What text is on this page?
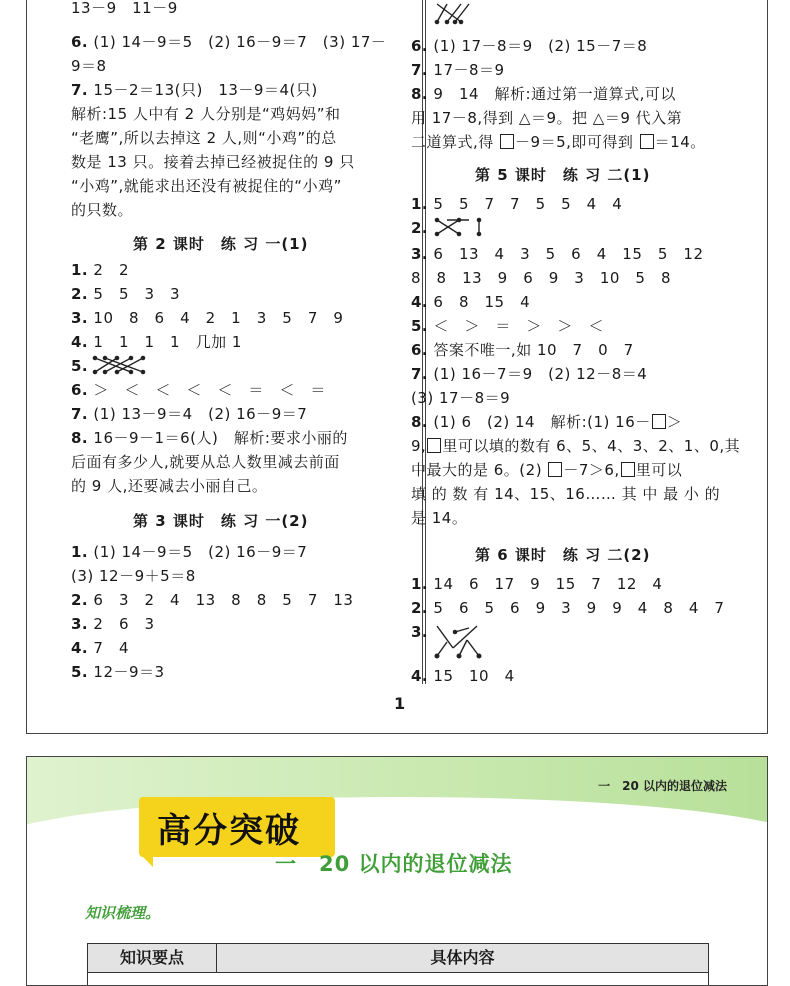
13－9　11－9
6. (1) 14－9＝5　(2) 16－9＝7　(3) 17－
9＝8
7. 15－2＝13(只)　13－9＝4(只)
解析:15 人中有 2 人分别是“鸡妈妈”和
“老鹰”,所以去掉这 2 人,则“小鸡”的总
数是 13 只。接着去掉已经被捉住的 9 只
“小鸡”,就能求出还没有被捉住的“小鸡”
的只数。
第 2 课时　练 习 一(1)
1. 2　2
2. 5　5　3　3
3. 10　8　6　4　2　1　3　5　7　9
4. 1　1　1　1　几加 1
5.
6. ＞　＜　＜　＜　＜　＝　＜　＝
7. (1) 13－9＝4　(2) 16－9＝7
8. 16－9－1＝6(人)　解析:要求小丽的
后面有多少人,就要从总人数里减去前面
的 9 人,还要减去小丽自己。
第 3 课时　练 习 一(2)
1. (1) 14－9＝5　(2) 16－9＝7
(3) 12－9＋5＝8
2. 6　3　2　4　13　8　8　5　7　13
3. 2　6　3
4. 7　4
5. 12－9＝3
6. (1) 17－8＝9　(2) 15－7＝8
7. 17－8＝9
8. 9　14　解析:通过第一道算式,可以
用 17－8,得到 △＝9。把 △＝9 代入第
二道算式,得 －9＝5,即可得到 ＝14。
第 5 课时　练 习 二(1)
1. 5　5　7　7　5　5　4　4
2.
3. 6　13　4　3　5　6　4　15　5　12
8　8　13　9　6　9　3　10　5　8
4. 6　8　15　4
5. ＜　＞　＝　＞　＞　＜
6. 答案不唯一,如 10　7　0　7
7. (1) 16－7＝9　(2) 12－8＝4
(3) 17－8＝9
8. (1) 6　(2) 14　解析:(1) 16－ ＞
9, 里可以填的数有 6、5、4、3、2、1、0,其
中最大的是 6。(2) －7＞6, 里可以
填 的 数 有 14、15、16…… 其 中 最 小 的
是 14。
第 6 课时　练 习 二(2)
1. 14　6　17　9　15　7　12　4
2. 5　6　5　6　9　3　9　9　4　8　4　7
3.
4. 15　10　4
1
一　20 以内的退位减法
高分突破
一　20 以内的退位减法
知识梳理。
知识要点	具体内容
